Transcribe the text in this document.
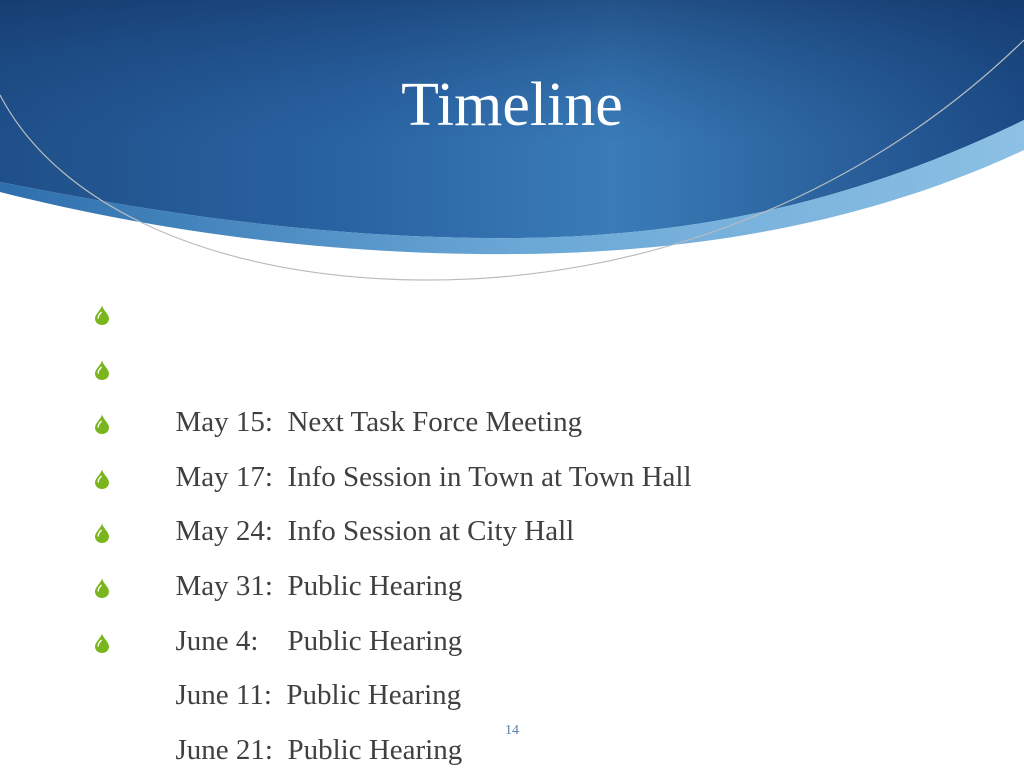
Timeline

May 15:  Next Task Force Meeting

May 17:  Info Session in Town at Town Hall

May 24:  Info Session at City Hall

May 31:  Public Hearing

June 4:    Public Hearing

June 11:  Public Hearing

June 21:  Public Hearing

14
